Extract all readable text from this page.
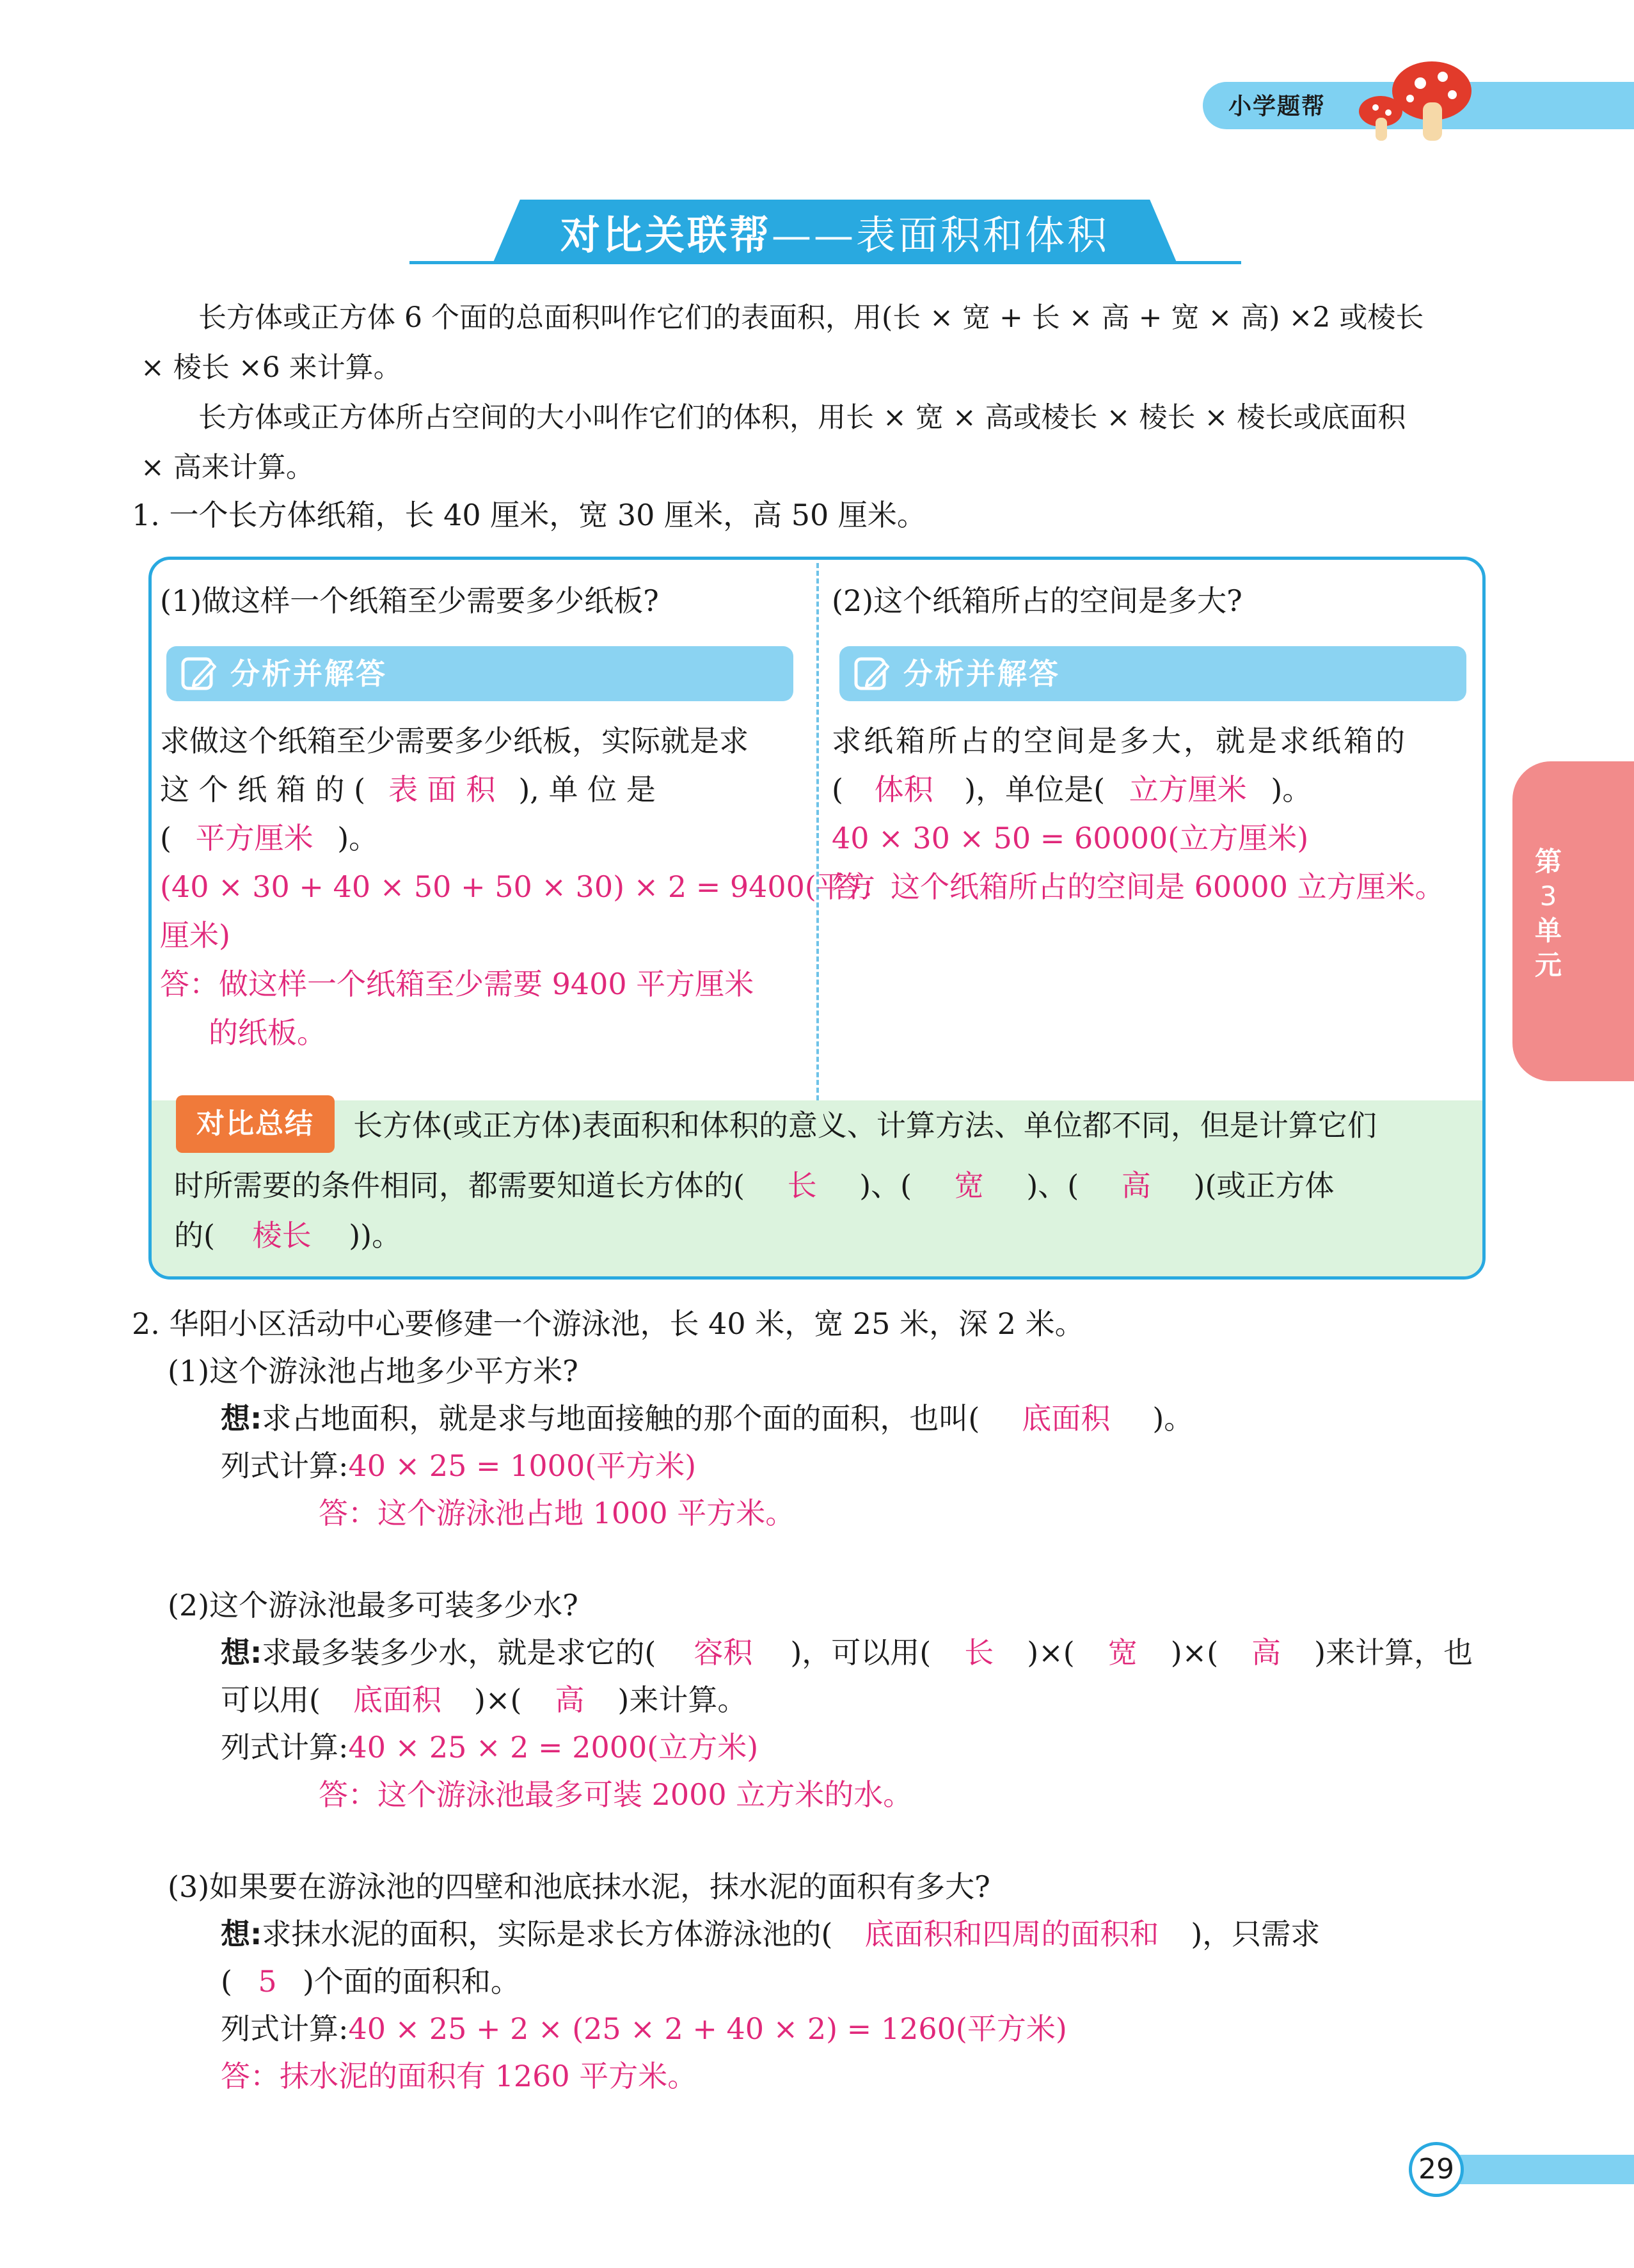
小学题帮
对比关联帮——表面积和体积
长方体或正方体 6 个面的总面积叫作它们的表面积，用(长 × 宽 + 长 × 高 + 宽 × 高) ×2 或棱长
× 棱长 ×6 来计算。
长方体或正方体所占空间的大小叫作它们的体积，用长 × 宽 × 高或棱长 × 棱长 × 棱长或底面积
× 高来计算。
1. 一个长方体纸箱，长 40 厘米，宽 30 厘米，高 50 厘米。
(1)做这样一个纸箱至少需要多少纸板?
分析并解答
求做这个纸箱至少需要多少纸板，实际就是求
这 个 纸 箱 的 ( 表 面 积 ), 单 位 是
( 平方厘米 )。
(40 × 30 + 40 × 50 + 50 × 30) × 2 = 9400(平方
厘米)
答：做这样一个纸箱至少需要 9400 平方厘米
的纸板。
(2)这个纸箱所占的空间是多大?
分析并解答
求纸箱所占的空间是多大，就是求纸箱的
( 体积 )，单位是( 立方厘米 )。
40 × 30 × 50 = 60000(立方厘米)
答：这个纸箱所占的空间是 60000 立方厘米。
对比总结	长方体(或正方体)表面积和体积的意义、计算方法、单位都不同，但是计算它们
时所需要的条件相同，都需要知道长方体的( 长 )、( 宽 )、( 高 )(或正方体
的( 棱长 ))。
第
3
单
元
2. 华阳小区活动中心要修建一个游泳池，长 40 米，宽 25 米，深 2 米。
(1)这个游泳池占地多少平方米?
想:求占地面积，就是求与地面接触的那个面的面积，也叫( 底面积 )。
列式计算:40 × 25 = 1000(平方米)
答：这个游泳池占地 1000 平方米。
(2)这个游泳池最多可装多少水?
想:求最多装多少水，就是求它的( 容积 )，可以用( 长 )×( 宽 )×( 高 )来计算，也
可以用( 底面积 )×( 高 )来计算。
列式计算:40 × 25 × 2 = 2000(立方米)
答：这个游泳池最多可装 2000 立方米的水。
(3)如果要在游泳池的四壁和池底抹水泥，抹水泥的面积有多大?
想:求抹水泥的面积，实际是求长方体游泳池的( 底面积和四周的面积和 )，只需求
( 5 )个面的面积和。
列式计算:40 × 25 + 2 × (25 × 2 + 40 × 2) = 1260(平方米)
答：抹水泥的面积有 1260 平方米。
29
